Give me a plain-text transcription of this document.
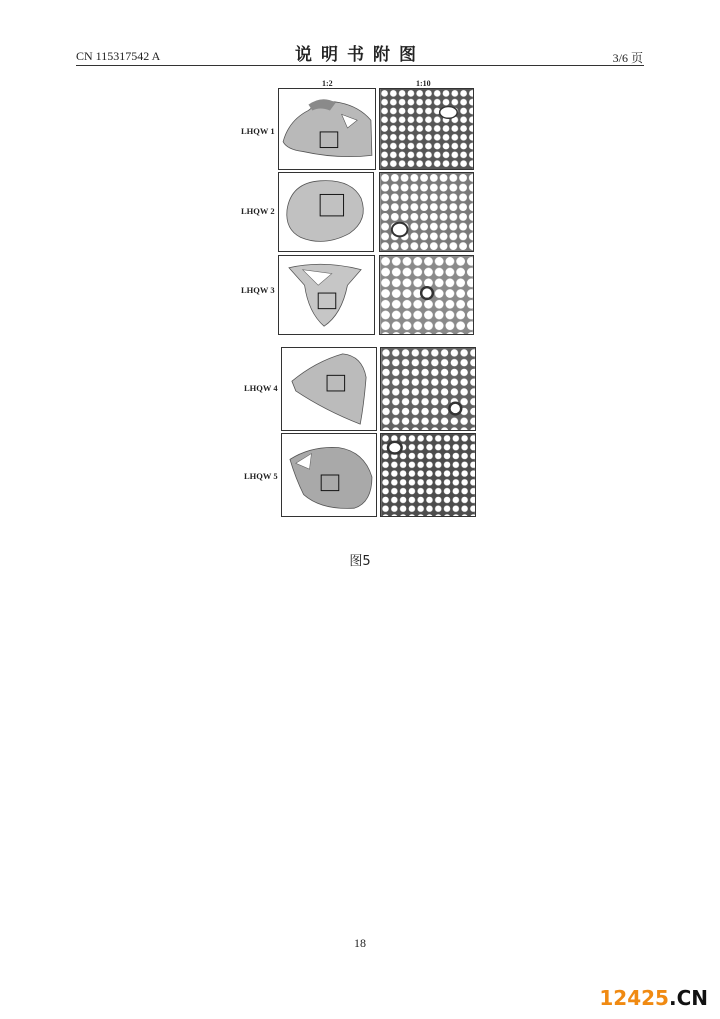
CN 115317542 A	说明书附图	3/6 页
1:2	1:10
LHQW 1
LHQW 2
LHQW 3
LHQW 4
LHQW 5
图5
18
12425.CN
